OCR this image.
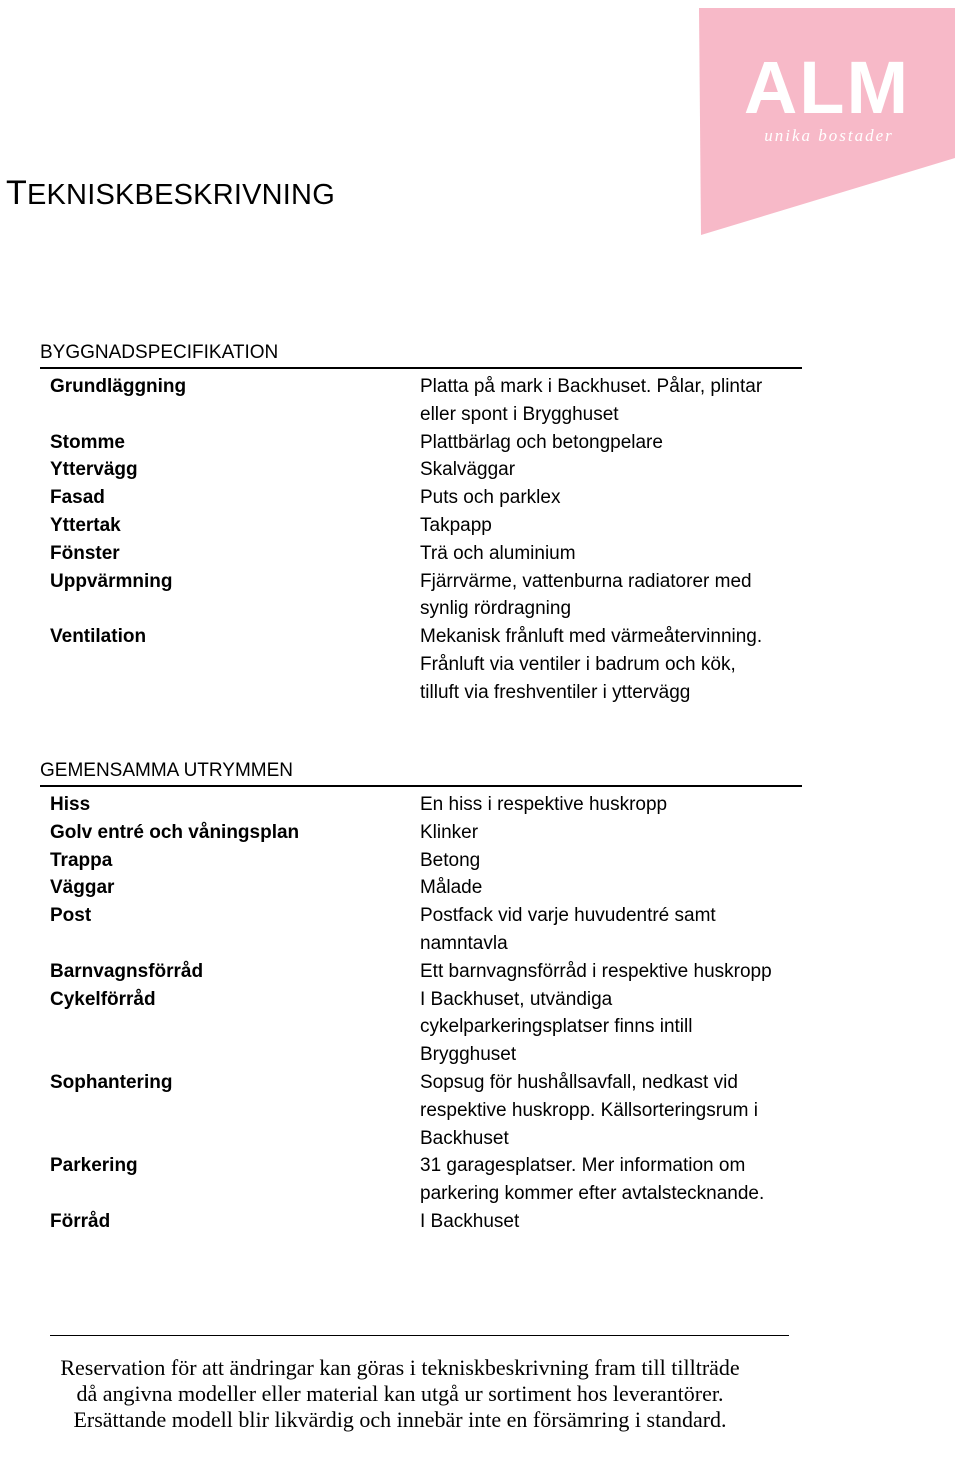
ALM
unika bostader
TEKNISKBESKRIVNING
BYGGNADSPECIFIKATION
Grundläggning	Platta på mark i Backhuset. Pålar, plintar eller spont i Brygghuset
Stomme	Plattbärlag och betongpelare
Yttervägg	Skalväggar
Fasad	Puts och parklex
Yttertak	Takpapp
Fönster	Trä och aluminium
Uppvärmning	Fjärrvärme, vattenburna radiatorer med synlig rördragning
Ventilation	Mekanisk frånluft med värmeåtervinning. Frånluft via ventiler i badrum och kök, tilluft via freshventiler i yttervägg
GEMENSAMMA UTRYMMEN
Hiss	En hiss i respektive huskropp
Golv entré och våningsplan	Klinker
Trappa	Betong
Väggar	Målade
Post	Postfack vid varje huvudentré samt namntavla
Barnvagnsförråd	Ett barnvagnsförråd i respektive huskropp
Cykelförråd	I Backhuset, utvändiga cykelparkeringsplatser finns intill Brygghuset
Sophantering	Sopsug för hushållsavfall, nedkast vid respektive huskropp. Källsorteringsrum i Backhuset
Parkering	31 garagesplatser. Mer information om parkering kommer efter avtalstecknande.
Förråd	I Backhuset

Reservation för att ändringar kan göras i tekniskbeskrivning fram till tillträde då angivna modeller eller material kan utgå ur sortiment hos leverantörer. Ersättande modell blir likvärdig och innebär inte en försämring i standard.
